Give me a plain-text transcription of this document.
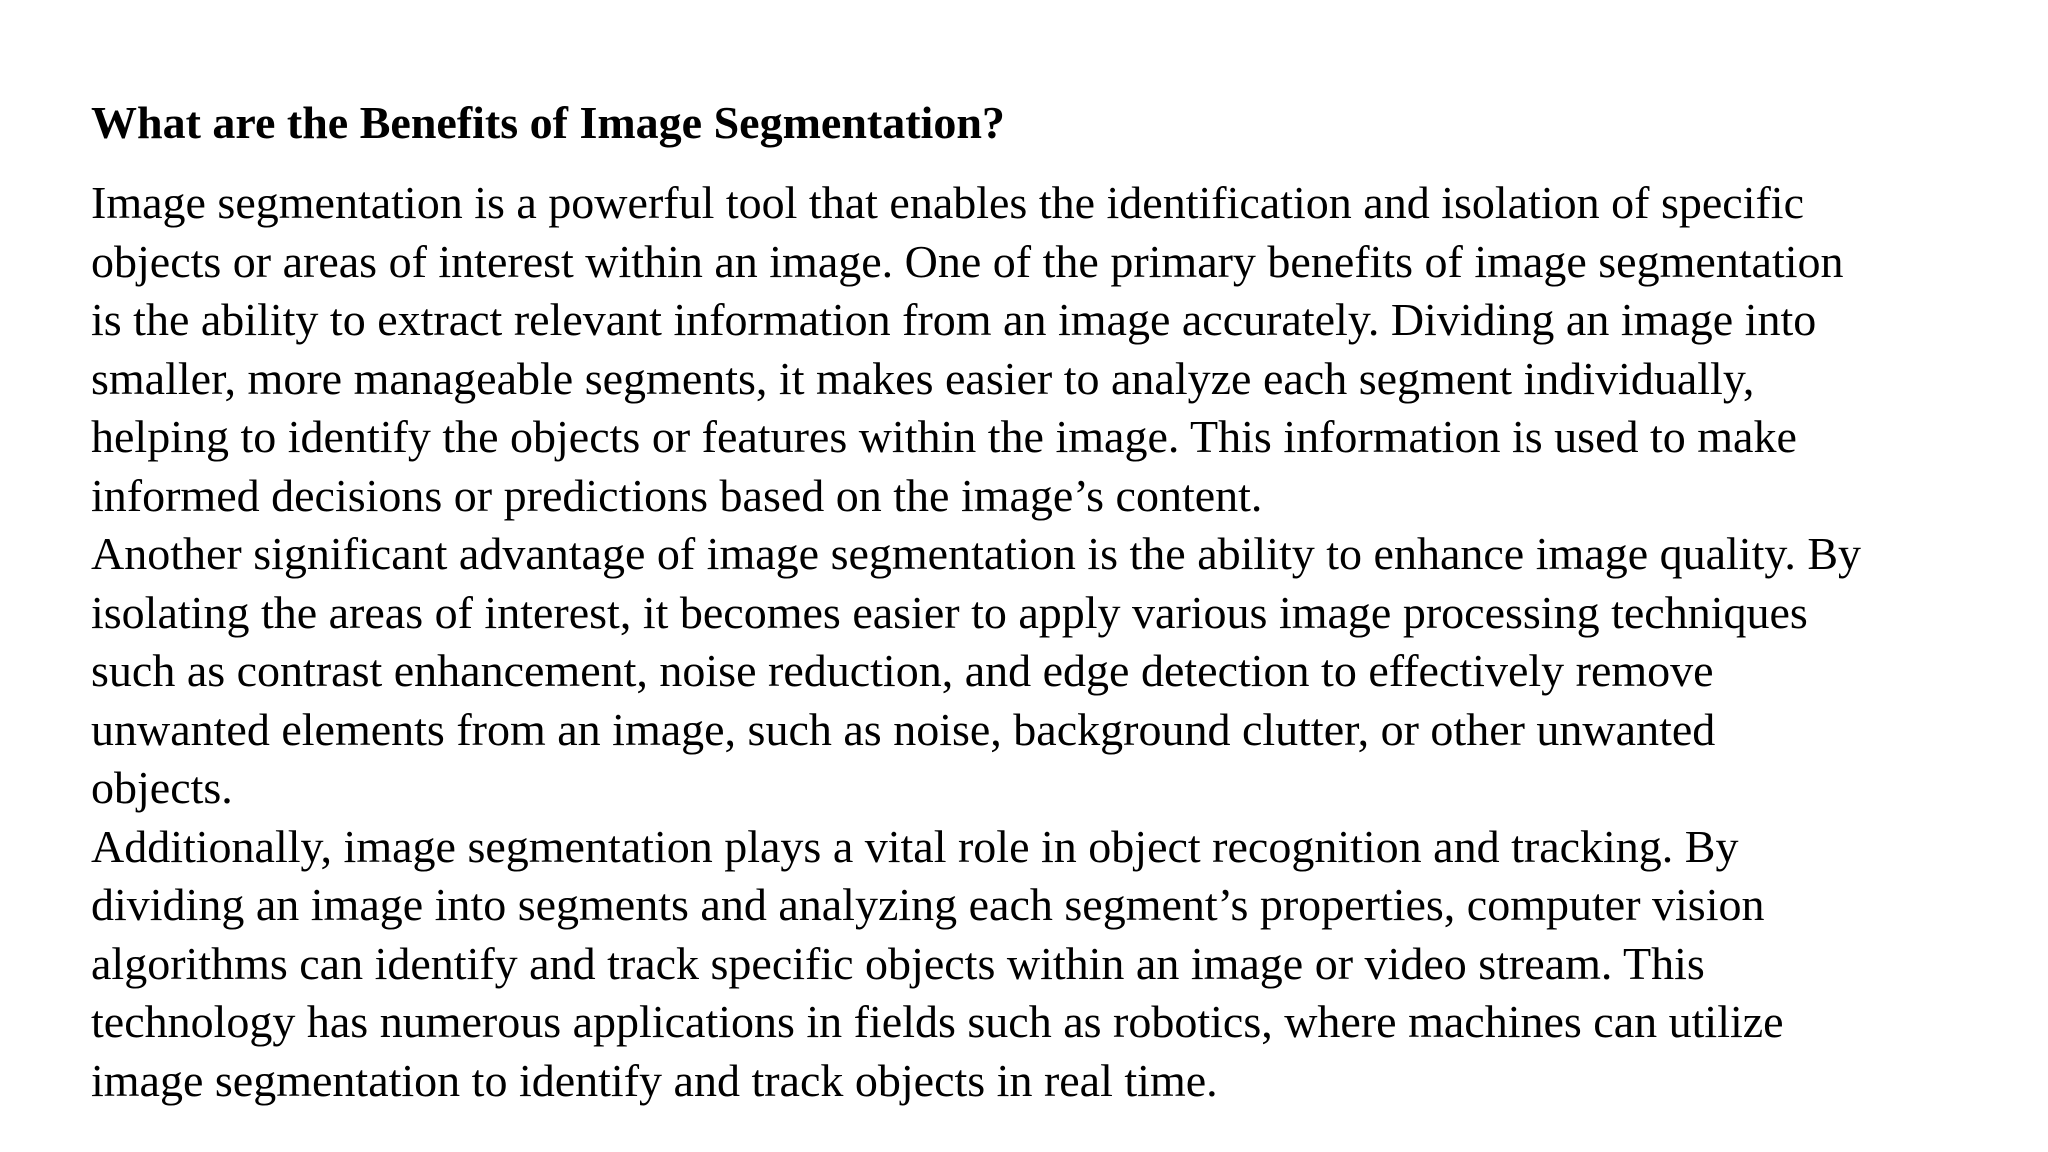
What are the Benefits of Image Segmentation?
Image segmentation is a powerful tool that enables the identification and isolation of specific
objects or areas of interest within an image. One of the primary benefits of image segmentation
is the ability to extract relevant information from an image accurately. Dividing an image into
smaller, more manageable segments, it makes easier to analyze each segment individually,
helping to identify the objects or features within the image. This information is used to make
informed decisions or predictions based on the image’s content.
Another significant advantage of image segmentation is the ability to enhance image quality. By
isolating the areas of interest, it becomes easier to apply various image processing techniques
such as contrast enhancement, noise reduction, and edge detection to effectively remove
unwanted elements from an image, such as noise, background clutter, or other unwanted
objects.
Additionally, image segmentation plays a vital role in object recognition and tracking. By
dividing an image into segments and analyzing each segment’s properties, computer vision
algorithms can identify and track specific objects within an image or video stream. This
technology has numerous applications in fields such as robotics, where machines can utilize
image segmentation to identify and track objects in real time.
